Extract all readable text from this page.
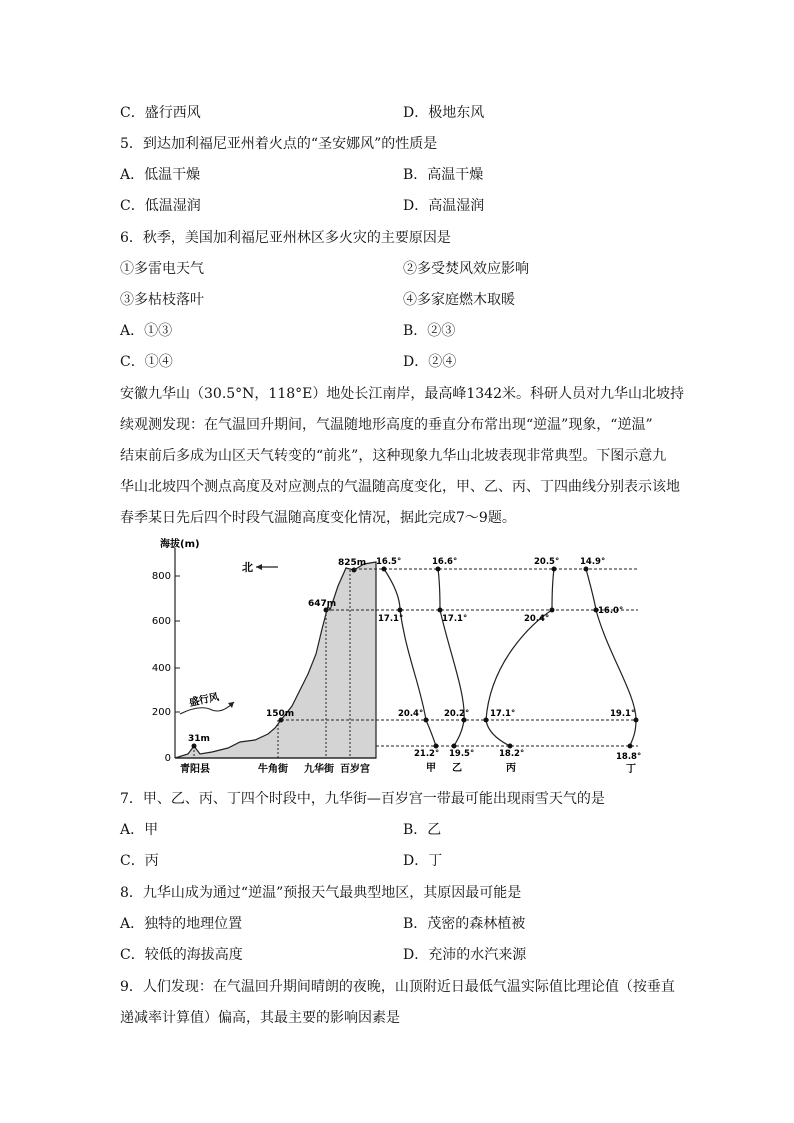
C．盛行西风	D．极地东风
5．到达加利福尼亚州着火点的“圣安娜风”的性质是
A．低温干燥	B．高温干燥
C．低温湿润	D．高温湿润
6．秋季，美国加利福尼亚州林区多火灾的主要原因是
①多雷电天气	②多受焚风效应影响
③多枯枝落叶	④多家庭燃木取暖
A．①③	B．②③
C．①④	D．②④
安徽九华山（30.5°N，118°E）地处长江南岸，最高峰1342米。科研人员对九华山北坡持
续观测发现：在气温回升期间，气温随地形高度的垂直分布常出现“逆温”现象，“逆温”
结束前后多成为山区天气转变的“前兆”，这种现象九华山北坡表现非常典型。下图示意九
华山北坡四个测点高度及对应测点的气温随高度变化，甲、乙、丙、丁四曲线分别表示该地
春季某日先后四个时段气温随高度变化情况，据此完成7～9题。
海拔(m)
0
200
400
600
800
北
盛行风
31m
150m
647m
825m
青阳县	牛角街 九华街 百岁宫
16.5°
17.1°
20.4°
21.2°
甲
16.6°
17.1°
20.2°
19.5°
乙
20.5°
20.4°
17.1°
18.2°
丙
14.9°
16.0°
19.1°
18.8°
丁
7．甲、乙、丙、丁四个时段中，九华街—百岁宫一带最可能出现雨雪天气的是
A．甲	B．乙
C．丙	D．丁
8．九华山成为通过“逆温”预报天气最典型地区，其原因最可能是
A．独特的地理位置	B．茂密的森林植被
C．较低的海拔高度	D．充沛的水汽来源
9．人们发现：在气温回升期间晴朗的夜晚，山顶附近日最低气温实际值比理论值（按垂直
递减率计算值）偏高，其最主要的影响因素是
